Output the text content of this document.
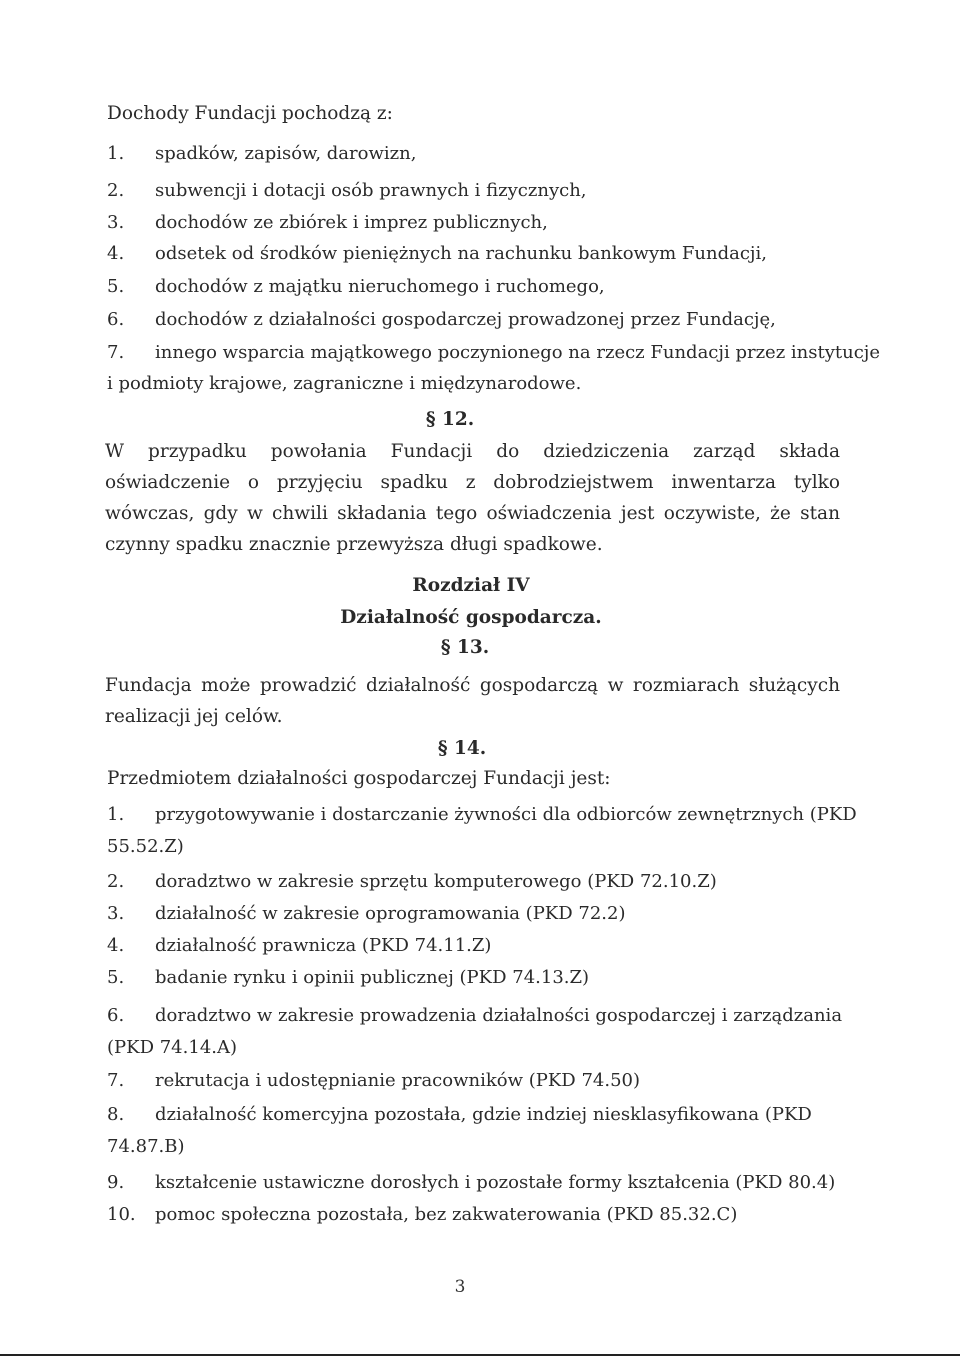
Dochody Fundacji pochodzą z:

1. spadków, zapisów, darowizn,
2. subwencji i dotacji osób prawnych i fizycznych,
3. dochodów ze zbiórek i imprez publicznych,
4. odsetek od środków pieniężnych na rachunku bankowym Fundacji,
5. dochodów z majątku nieruchomego i ruchomego,
6. dochodów z działalności gospodarczej prowadzonej przez Fundację,
7. innego wsparcia majątkowego poczynionego na rzecz Fundacji przez instytucje
i podmioty krajowe, zagraniczne i międzynarodowe.
§ 12.

W przypadku powołania Fundacji do dziedziczenia zarząd składa oświadczenie o przyjęciu spadku z dobrodziejstwem inwentarza tylko wówczas, gdy w chwili składania tego oświadczenia jest oczywiste, że stan czynny spadku znacznie przewyższa długi spadkowe.

Rozdział IV
Działalność gospodarcza.
§ 13.

Fundacja może prowadzić działalność gospodarczą w rozmiarach służących realizacji jej celów.

§ 14.
Przedmiotem działalności gospodarczej Fundacji jest:
1. przygotowywanie i dostarczanie żywności dla odbiorców zewnętrznych (PKD
55.52.Z)
2. doradztwo w zakresie sprzętu komputerowego (PKD 72.10.Z)
3. działalność w zakresie oprogramowania (PKD 72.2)
4. działalność prawnicza (PKD 74.11.Z)
5. badanie rynku i opinii publicznej (PKD 74.13.Z)
6. doradztwo w zakresie prowadzenia działalności gospodarczej i zarządzania
(PKD 74.14.A)
7. rekrutacja i udostępnianie pracowników (PKD 74.50)
8. działalność komercyjna pozostała, gdzie indziej niesklasyfikowana (PKD
74.87.B)
9. kształcenie ustawiczne dorosłych i pozostałe formy kształcenia (PKD 80.4)
10. pomoc społeczna pozostała, bez zakwaterowania (PKD 85.32.C)
3
